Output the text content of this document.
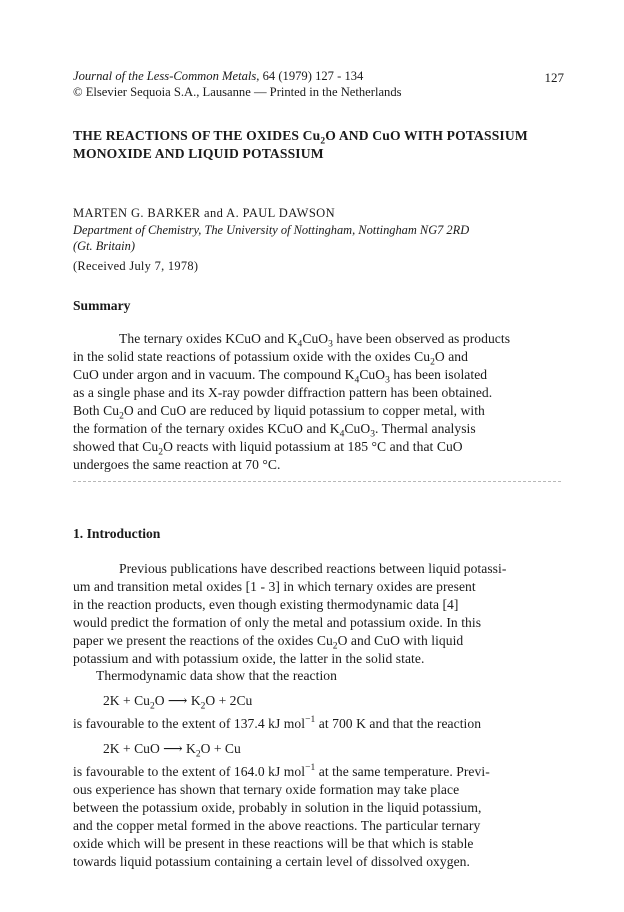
Journal of the Less-Common Metals, 64 (1979) 127 - 134	127
© Elsevier Sequoia S.A., Lausanne — Printed in the Netherlands
THE REACTIONS OF THE OXIDES $Cu_2O$ AND CuO WITH POTASSIUM
MONOXIDE AND LIQUID POTASSIUM
MARTEN G. BARKER and A. PAUL DAWSON
Department of Chemistry, The University of Nottingham, Nottingham NG7 2RD
(Gt. Britain)
(Received July 7, 1978)
Summary
The ternary oxides KCuO and $K_4CuO_3$ have been observed as products
in the solid state reactions of potassium oxide with the oxides $Cu_2O$ and
CuO under argon and in vacuum. The compound $K_4CuO_3$ has been isolated
as a single phase and its X-ray powder diffraction pattern has been obtained.
Both $Cu_2O$ and CuO are reduced by liquid potassium to copper metal, with
the formation of the ternary oxides KCuO and $K_4CuO_3$. Thermal analysis
showed that $Cu_2O$ reacts with liquid potassium at 185 °C and that CuO
undergoes the same reaction at 70 °C.
1. Introduction
Previous publications have described reactions between liquid potassi-
um and transition metal oxides [1 - 3] in which ternary oxides are present
in the reaction products, even though existing thermodynamic data [4]
would predict the formation of only the metal and potassium oxide. In this
paper we present the reactions of the oxides $Cu_2O$ and CuO with liquid
potassium and with potassium oxide, the latter in the solid state.
Thermodynamic data show that the reaction
$2K + Cu_2O$ ⟶ $K_2O + 2Cu$
is favourable to the extent of 137.4 kJ mol$^{-1}$ at 700 K and that the reaction
2K + CuO ⟶ $K_2O + Cu$
is favourable to the extent of 164.0 kJ mol$^{-1}$ at the same temperature. Previ-
ous experience has shown that ternary oxide formation may take place
between the potassium oxide, probably in solution in the liquid potassium,
and the copper metal formed in the above reactions. The particular ternary
oxide which will be present in these reactions will be that which is stable
towards liquid potassium containing a certain level of dissolved oxygen.
